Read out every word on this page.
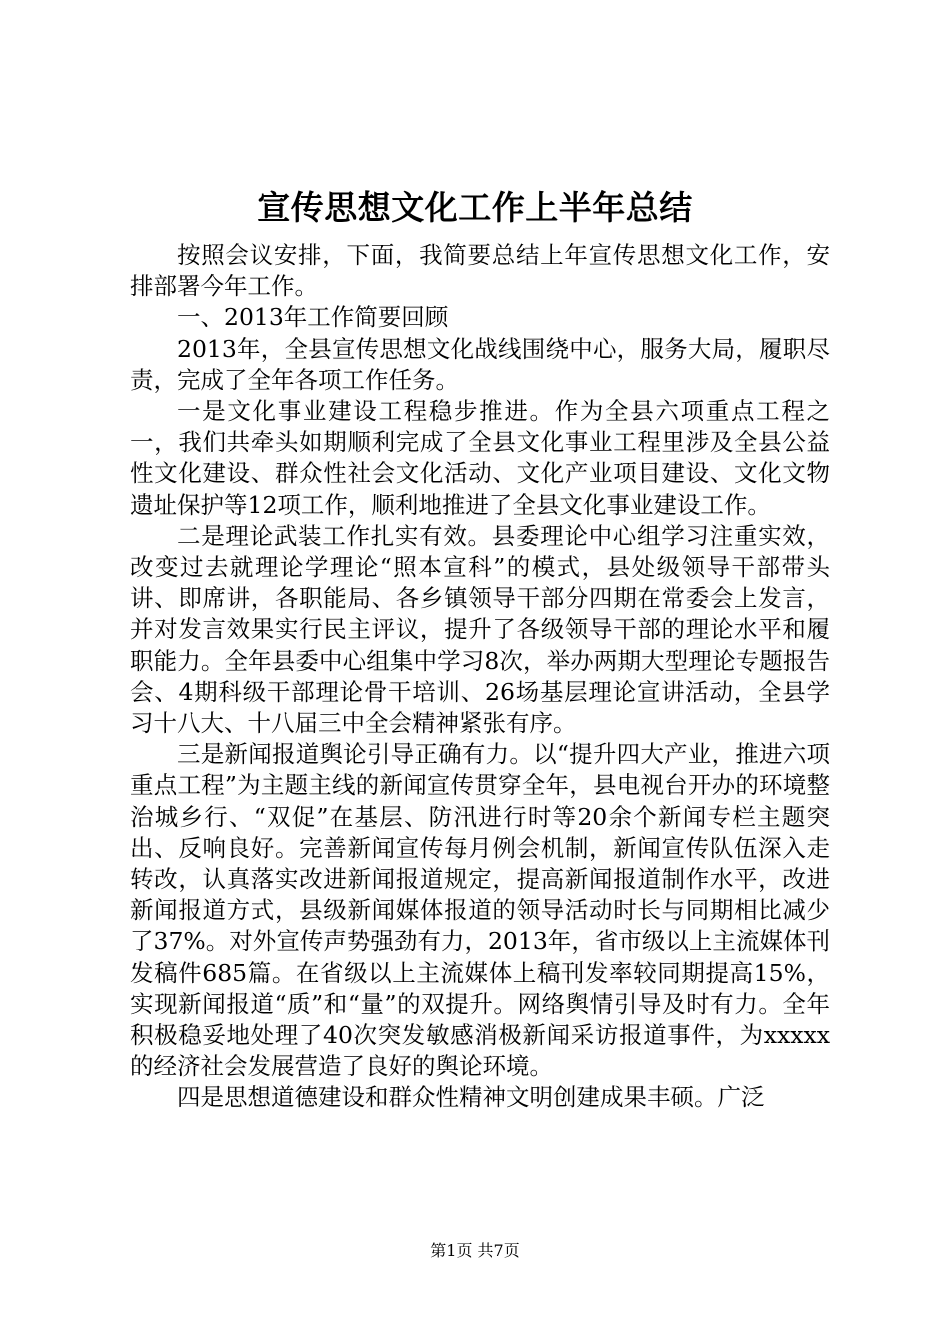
宣传思想文化工作上半年总结

按照会议安排，下面，我简要总结上年宣传思想文化工作，安排部署今年工作。

一、2013年工作简要回顾

2013年，全县宣传思想文化战线围绕中心，服务大局，履职尽责，完成了全年各项工作任务。

一是文化事业建设工程稳步推进。作为全县六项重点工程之一，我们共牵头如期顺利完成了全县文化事业工程里涉及全县公益性文化建设、群众性社会文化活动、文化产业项目建设、文化文物遗址保护等12项工作，顺利地推进了全县文化事业建设工作。

二是理论武装工作扎实有效。县委理论中心组学习注重实效，改变过去就理论学理论“照本宣科”的模式，县处级领导干部带头讲、即席讲，各职能局、各乡镇领导干部分四期在常委会上发言，并对发言效果实行民主评议，提升了各级领导干部的理论水平和履职能力。全年县委中心组集中学习8次，举办两期大型理论专题报告会、4期科级干部理论骨干培训、26场基层理论宣讲活动，全县学习十八大、十八届三中全会精神紧张有序。

三是新闻报道舆论引导正确有力。以“提升四大产业，推进六项重点工程”为主题主线的新闻宣传贯穿全年，县电视台开办的环境整治城乡行、“双促”在基层、防汛进行时等20余个新闻专栏主题突出、反响良好。完善新闻宣传每月例会机制，新闻宣传队伍深入走转改，认真落实改进新闻报道规定，提高新闻报道制作水平，改进新闻报道方式，县级新闻媒体报道的领导活动时长与同期相比减少了37%。对外宣传声势强劲有力，2013年，省市级以上主流媒体刊发稿件685篇。在省级以上主流媒体上稿刊发率较同期提高15%，实现新闻报道“质”和“量”的双提升。网络舆情引导及时有力。全年积极稳妥地处理了40次突发敏感消极新闻采访报道事件，为xxxxx的经济社会发展营造了良好的舆论环境。

四是思想道德建设和群众性精神文明创建成果丰硕。广泛

第1页 共7页
